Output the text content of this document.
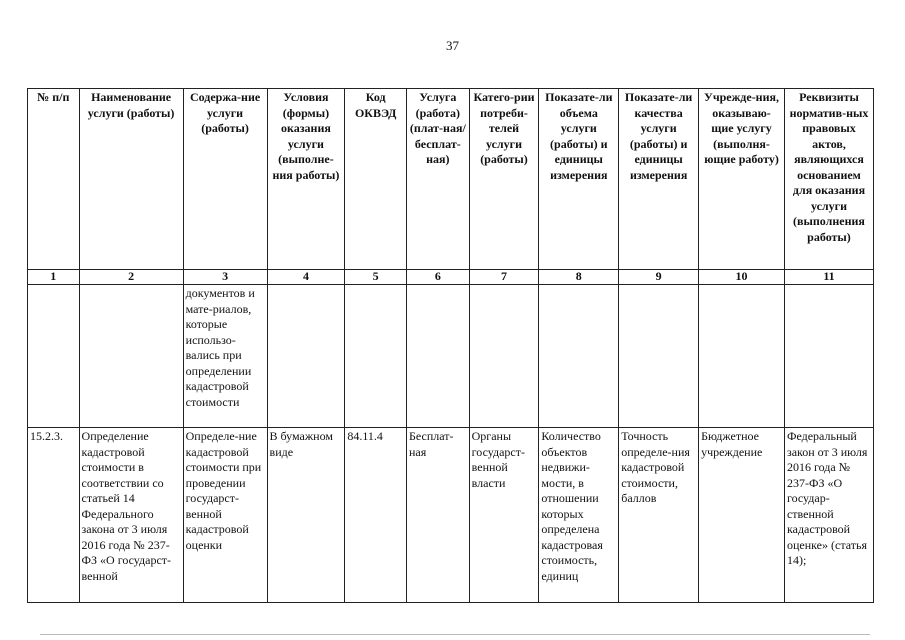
37
№ п/п	Наименование услуги (работы)	Содержа-ние услуги (работы)	Условия (формы) оказания услуги (выполне-ния работы)	Код ОКВЭД	Услуга (работа) (плат-ная/ бесплат-ная)	Катего-рии потреби-телей услуги (работы)	Показате-ли объема услуги (работы) и единицы измерения	Показате-ли качества услуги (работы) и единицы измерения	Учрежде-ния, оказываю-щие услугу (выполня-ющие работу)	Реквизиты норматив-ных правовых актов, являющихся основанием для оказания услуги (выполнения работы)
1	2	3	4	5	6	7	8	9	10	11
		документов и мате-риалов, которые использо-вались при определении кадастровой стоимости								
15.2.3.	Определение кадастровой стоимости в соответствии со статьей 14 Федерального закона от 3 июля 2016 года № 237-ФЗ «О государст-венной	Определе-ние кадастровой стоимости при проведении государст-венной кадастровой оценки	В бумажном виде	84.11.4	Бесплат-ная	Органы государст-венной власти	Количество объектов недвижи-мости, в отношении которых определена кадастровая стоимость, единиц	Точность определе-ния кадастровой стоимости, баллов	Бюджетное учреждение	Федеральный закон от 3 июля 2016 года № 237-ФЗ «О государ-ственной кадастровой оценке» (статья 14);
